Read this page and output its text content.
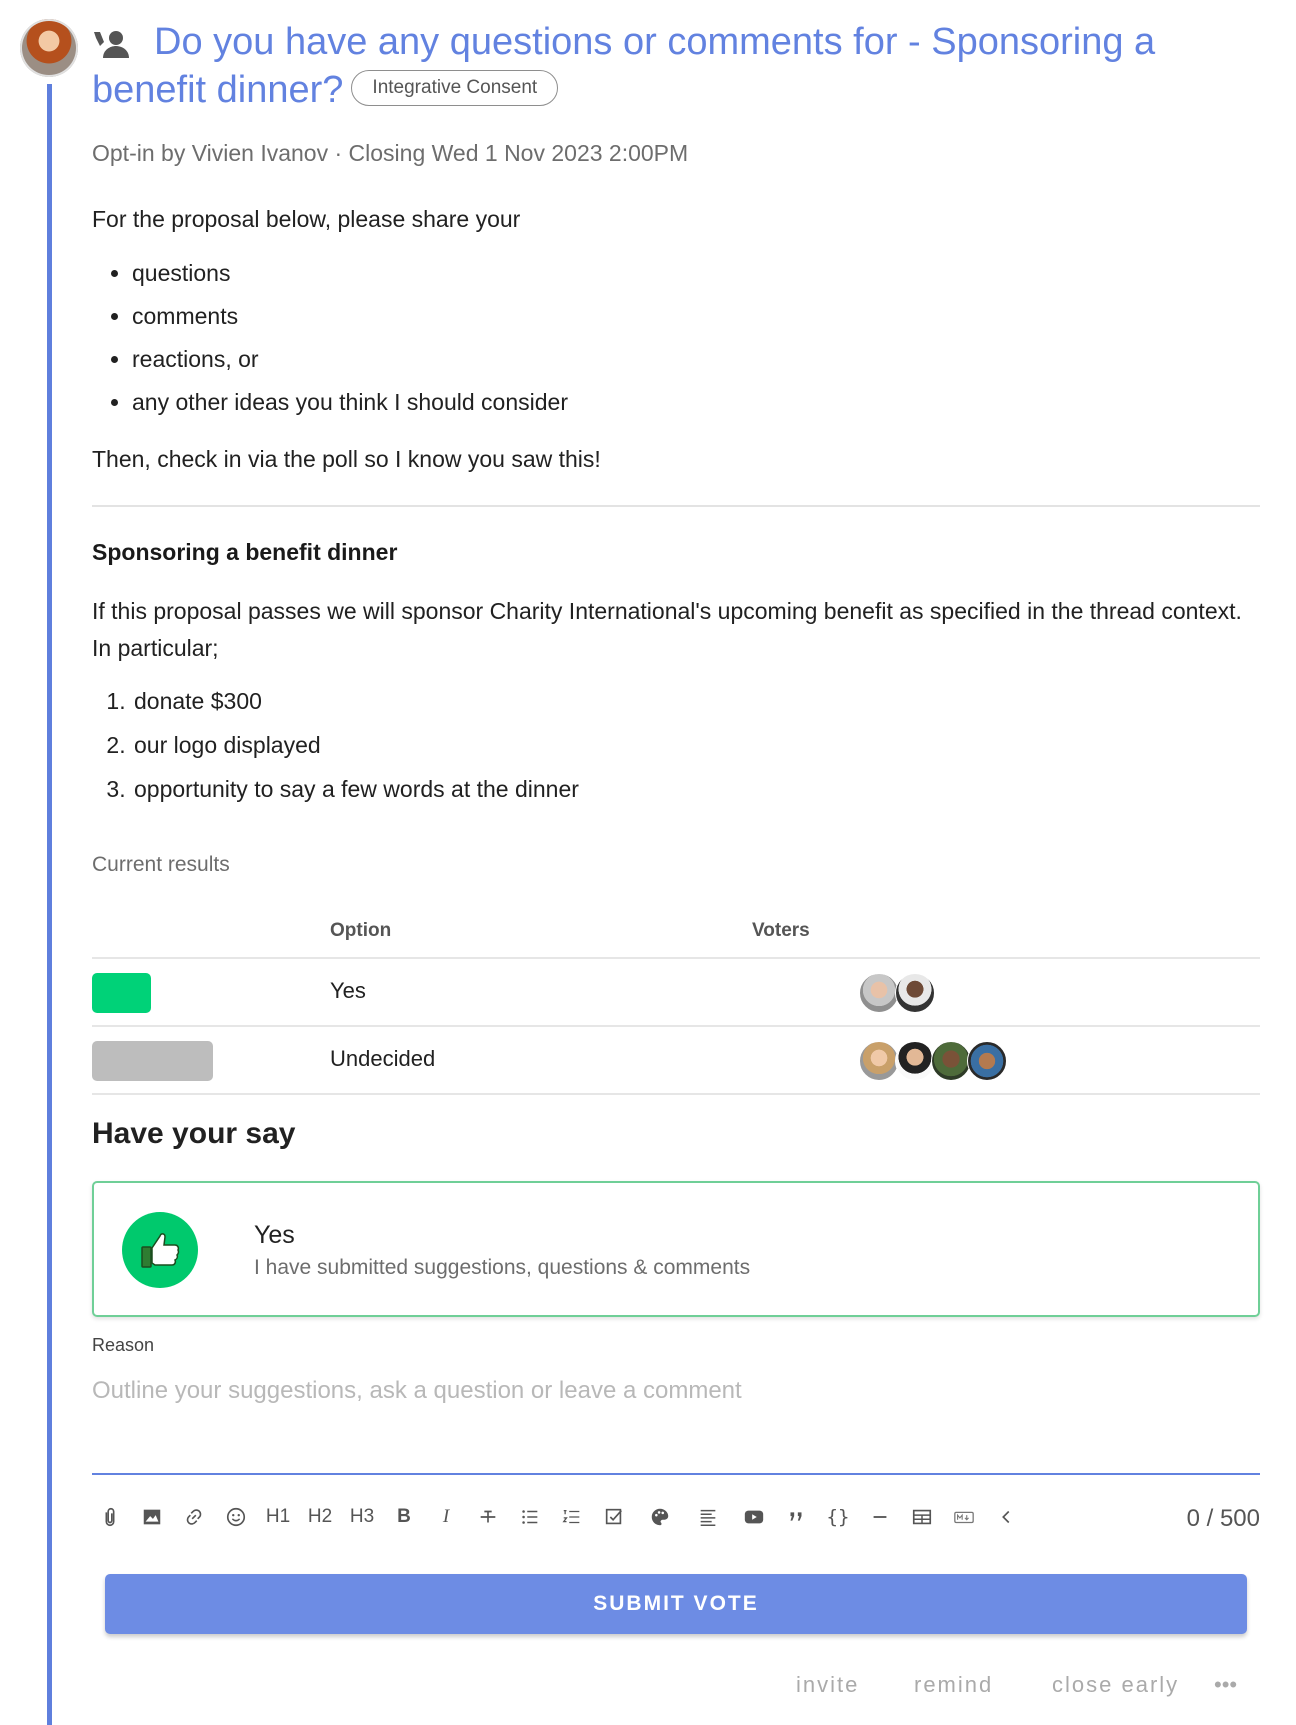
Do you have any questions or comments for - Sponsoring a benefit dinner? Integrative Consent
Opt-in by Vivien Ivanov · Closing Wed 1 Nov 2023 2:00PM
For the proposal below, please share your
• questions
• comments
• reactions, or
• any other ideas you think I should consider
Then, check in via the poll so I know you saw this!
Sponsoring a benefit dinner
If this proposal passes we will sponsor Charity International's upcoming benefit as specified in the thread context. In particular;
1. donate $300
2. our logo displayed
3. opportunity to say a few words at the dinner
Current results
Option	Voters
Yes
Undecided
Have your say
Yes
I have submitted suggestions, questions & comments
Reason
Outline your suggestions, ask a question or leave a comment
H1 H2 H3	B	I	{}	0 / 500
SUBMIT VOTE
invite remind	close early •••
